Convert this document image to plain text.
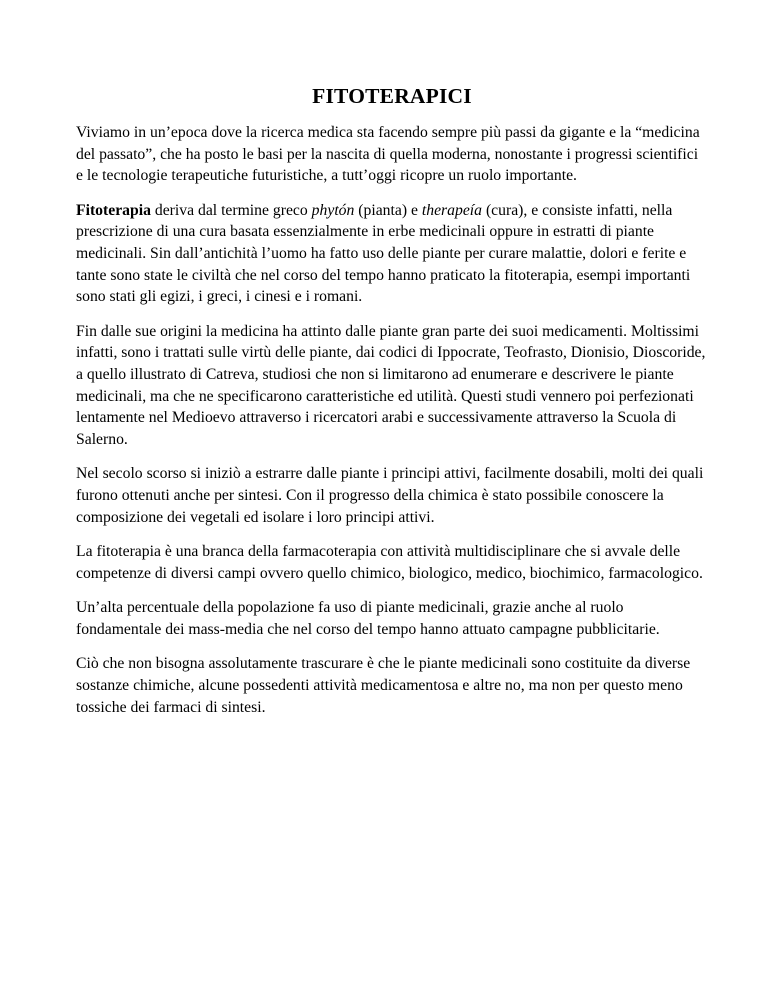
FITOTERAPICI

Viviamo in un’epoca dove la ricerca medica sta facendo sempre più passi da gigante e la “medicina del passato”, che ha posto le basi per la nascita di quella moderna, nonostante i progressi scientifici e le tecnologie terapeutiche futuristiche, a tutt’oggi ricopre un ruolo importante.

Fitoterapia deriva dal termine greco phytón (pianta) e therapeía (cura), e consiste infatti, nella prescrizione di una cura basata essenzialmente in erbe medicinali oppure in estratti di piante medicinali. Sin dall’antichità l’uomo ha fatto uso delle piante per curare malattie, dolori e ferite e tante sono state le civiltà che nel corso del tempo hanno praticato la fitoterapia, esempi importanti sono stati gli egizi, i greci, i cinesi e i romani.

Fin dalle sue origini la medicina ha attinto dalle piante gran parte dei suoi medicamenti. Moltissimi infatti, sono i trattati sulle virtù delle piante, dai codici di Ippocrate, Teofrasto, Dionisio, Dioscoride, a quello illustrato di Catreva, studiosi che non si limitarono ad enumerare e descrivere le piante medicinali, ma che ne specificarono caratteristiche ed utilità. Questi studi vennero poi perfezionati lentamente nel Medioevo attraverso i ricercatori arabi e successivamente attraverso la Scuola di Salerno.

Nel secolo scorso si iniziò a estrarre dalle piante i principi attivi, facilmente dosabili, molti dei quali furono ottenuti anche per sintesi. Con il progresso della chimica è stato possibile conoscere la composizione dei vegetali ed isolare i loro principi attivi.

La fitoterapia è una branca della farmacoterapia con attività multidisciplinare che si avvale delle competenze di diversi campi ovvero quello chimico, biologico, medico, biochimico, farmacologico.

Un’alta percentuale della popolazione fa uso di piante medicinali, grazie anche al ruolo fondamentale dei mass-media che nel corso del tempo hanno attuato campagne pubblicitarie.

Ciò che non bisogna assolutamente trascurare è che le piante medicinali sono costituite da diverse sostanze chimiche, alcune possedenti attività medicamentosa e altre no, ma non per questo meno tossiche dei farmaci di sintesi.
